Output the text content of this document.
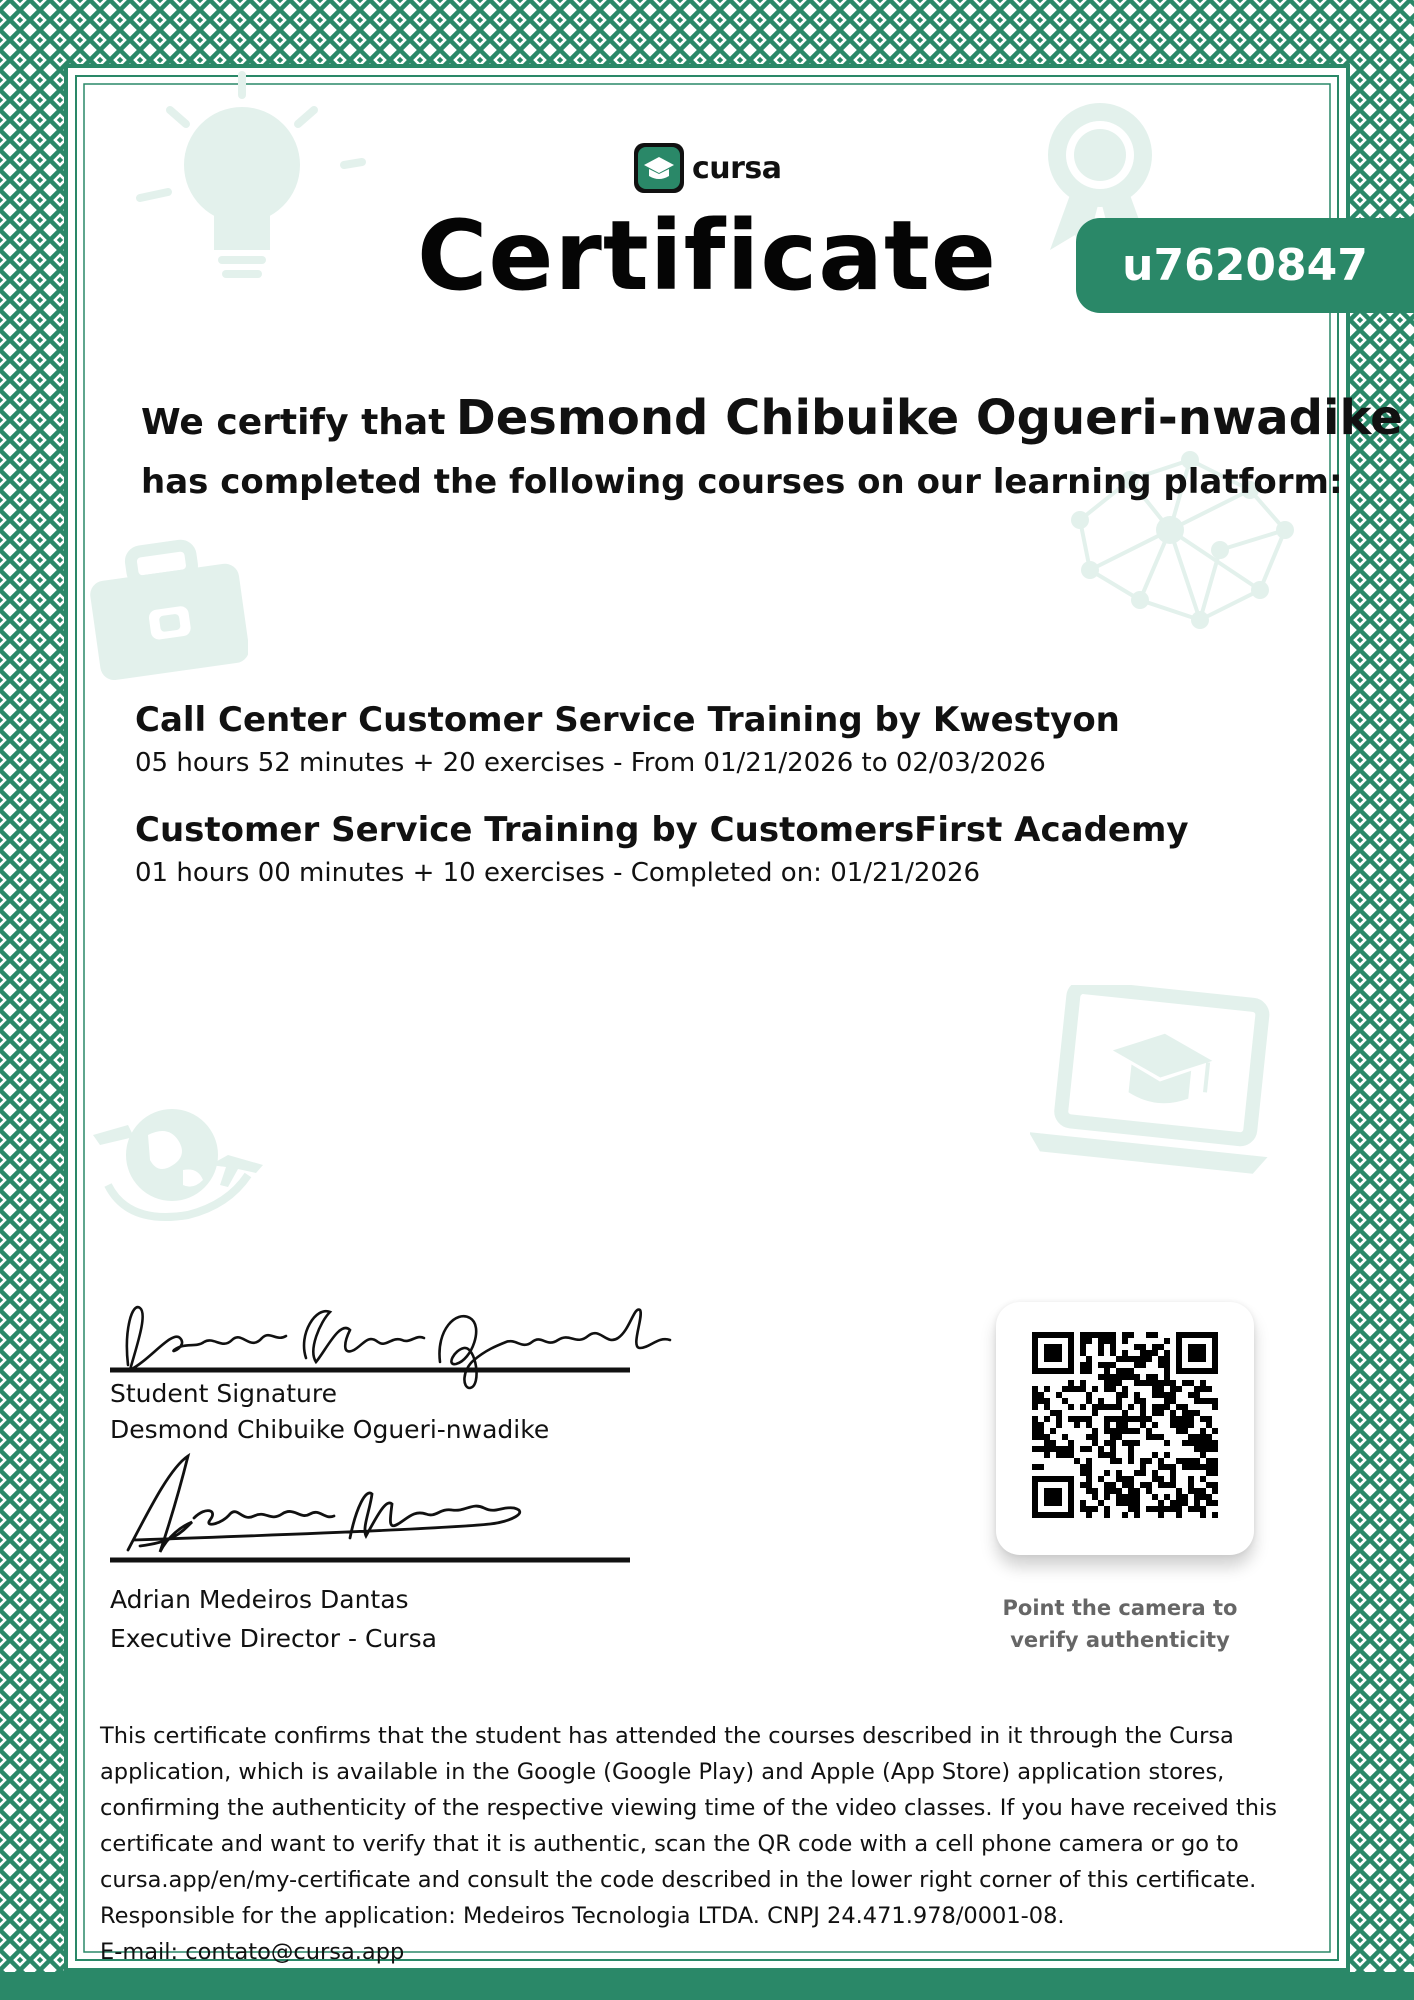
cursa
Certificate	u7620847
We certify that Desmond Chibuike Ogueri-nwadike
has completed the following courses on our learning platform:
Call Center Customer Service Training by Kwestyon
05 hours 52 minutes + 20 exercises - From 01/21/2026 to 02/03/2026
Customer Service Training by CustomersFirst Academy
01 hours 00 minutes + 10 exercises - Completed on: 01/21/2026
Student Signature
Desmond Chibuike Ogueri-nwadike
Adrian Medeiros Dantas
Executive Director - Cursa
Point the camera to
verify authenticity

This certificate confirms that the student has attended the courses described in it through the Cursa

application, which is available in the Google (Google Play) and Apple (App Store) application stores,

confirming the authenticity of the respective viewing time of the video classes. If you have received this

certificate and want to verify that it is authentic, scan the QR code with a cell phone camera or go to

cursa.app/en/my-certificate and consult the code described in the lower right corner of this certificate.

Responsible for the application: Medeiros Tecnologia LTDA. CNPJ 24.471.978/0001-08.

E-mail: contato@cursa.app
